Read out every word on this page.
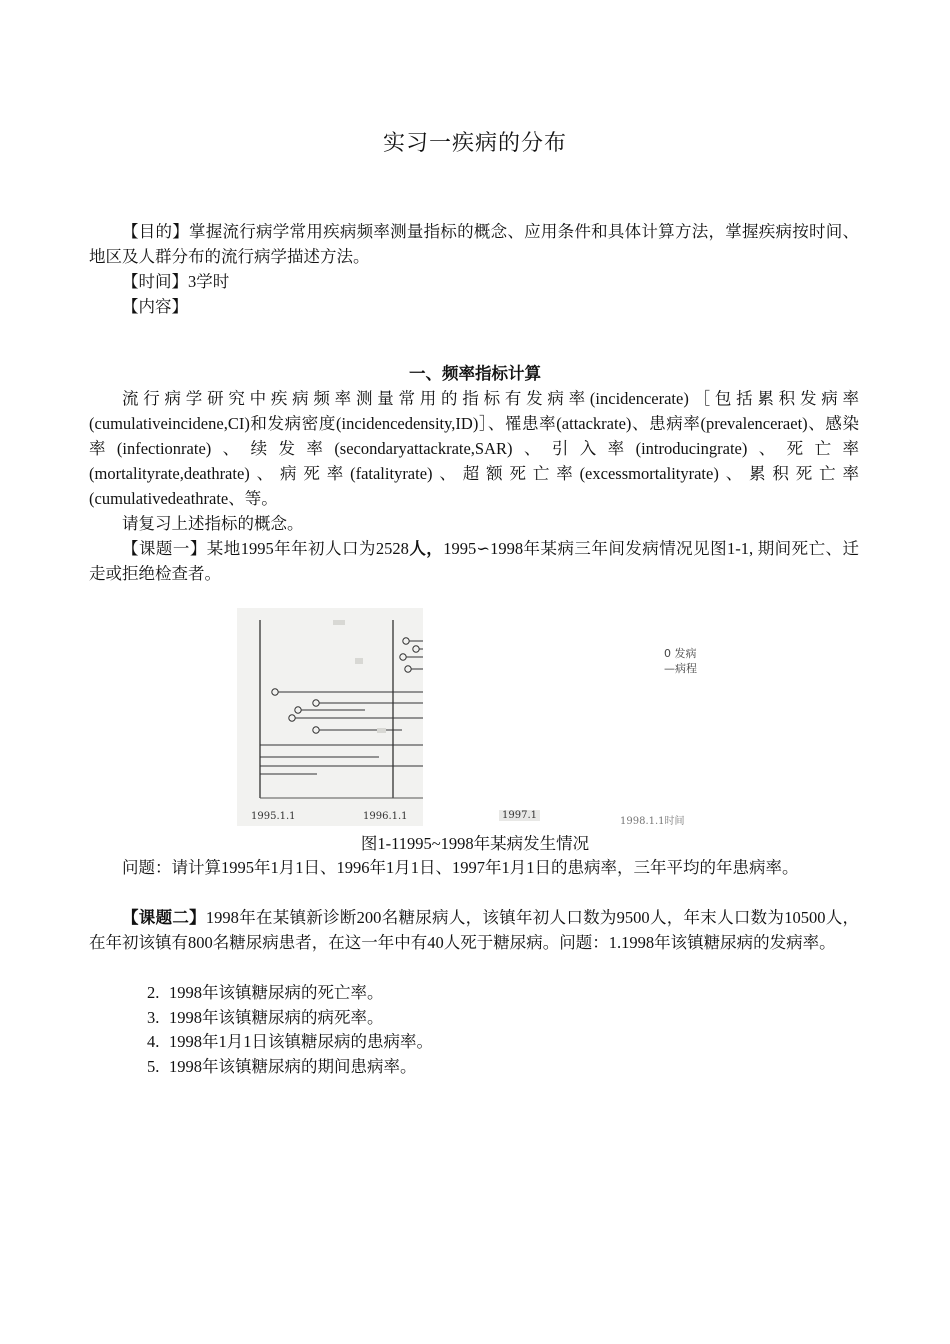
实习一疾病的分布
【目的】掌握流行病学常用疾病频率测量指标的概念、应用条件和具体计算方法，掌握疾病按时间、地区及人群分布的流行病学描述方法。
【时间】3学时
【内容】
一、频率指标计算
流行病学研究中疾病频率测量常用的指标有发病率(incidencerate)［包括累积发病率(cumulativeincidene,CI)和发病密度(incidencedensity,ID)］、罹患率(attackrate)、患病率(prevalenceraet)、感染率(infectionrate)、续发率(secondaryattackrate,SAR)、引入率(introducingrate)、死亡率(mortalityrate,deathrate)、病死率(fatalityrate)、超额死亡率(excessmortalityrate)、累积死亡率(cumulativedeathrate、等。
请复习上述指标的概念。
【课题一】某地1995年年初人口为2528人，1995∽1998年某病三年间发病情况见图1-1, 期间死亡、迁走或拒绝检查者。
1995.1.1	1996.1.1	1997.1
1998.1.1时间
0 发病
—病程
图1-11995~1998年某病发生情况
问题：请计算1995年1月1日、1996年1月1日、1997年1月1日的患病率，三年平均的年患病率。
【课题二】1998年在某镇新诊断200名糖尿病人，该镇年初人口数为9500人，年末人口数为10500人，在年初该镇有800名糖尿病患者，在这一年中有40人死于糖尿病。问题：1.1998年该镇糖尿病的发病率。
2. 1998年该镇糖尿病的死亡率。
3. 1998年该镇糖尿病的病死率。
4. 1998年1月1日该镇糖尿病的患病率。
5. 1998年该镇糖尿病的期间患病率。
